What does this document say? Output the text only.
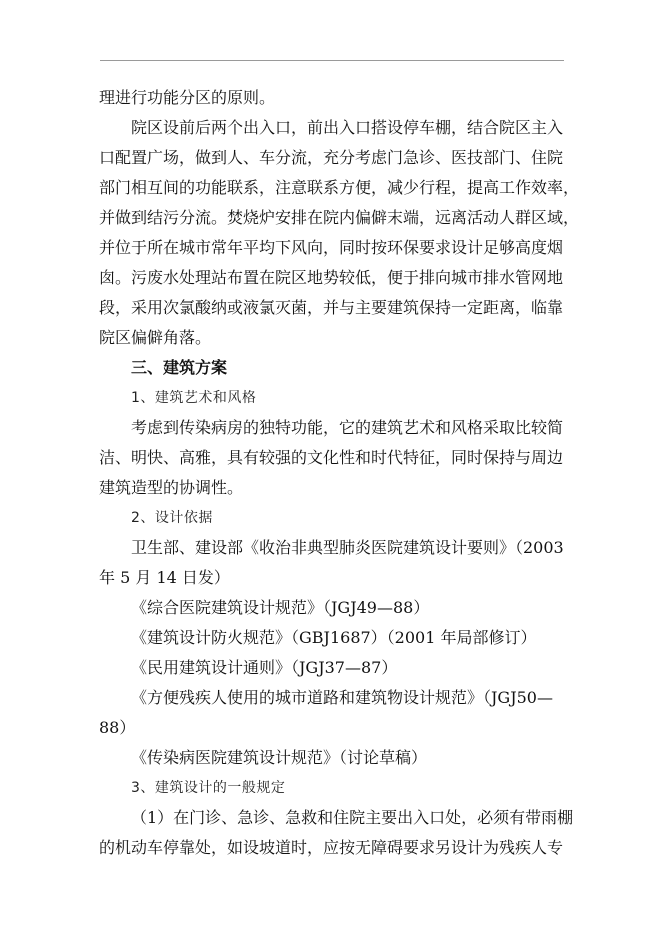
理进行功能分区的原则。
院区设前后两个出入口，前出入口搭设停车棚，结合院区主入
口配置广场，做到人、车分流，充分考虑门急诊、医技部门、住院
部门相互间的功能联系，注意联系方便，减少行程，提高工作效率，
并做到结污分流。焚烧炉安排在院内偏僻末端，远离活动人群区域，
并位于所在城市常年平均下风向，同时按环保要求设计足够高度烟
囱。污废水处理站布置在院区地势较低，便于排向城市排水管网地
段，采用次氯酸纳或液氯灭菌，并与主要建筑保持一定距离，临靠
院区偏僻角落。
三、建筑方案
1、建筑艺术和风格
考虑到传染病房的独特功能，它的建筑艺术和风格采取比较简
洁、明快、高雅，具有较强的文化性和时代特征，同时保持与周边
建筑造型的协调性。
2、设计依据
卫生部、建设部《收治非典型肺炎医院建筑设计要则》（2003
年 5 月 14 日发）
《综合医院建筑设计规范》（JGJ49—88）
《建筑设计防火规范》（GBJ1687）（2001 年局部修订）
《民用建筑设计通则》（JGJ37—87）
《方便残疾人使用的城市道路和建筑物设计规范》（JGJ50—
88）
《传染病医院建筑设计规范》（讨论草稿）
3、建筑设计的一般规定
（1）在门诊、急诊、急救和住院主要出入口处，必须有带雨棚
的机动车停靠处，如设坡道时，应按无障碍要求另设计为残疾人专
